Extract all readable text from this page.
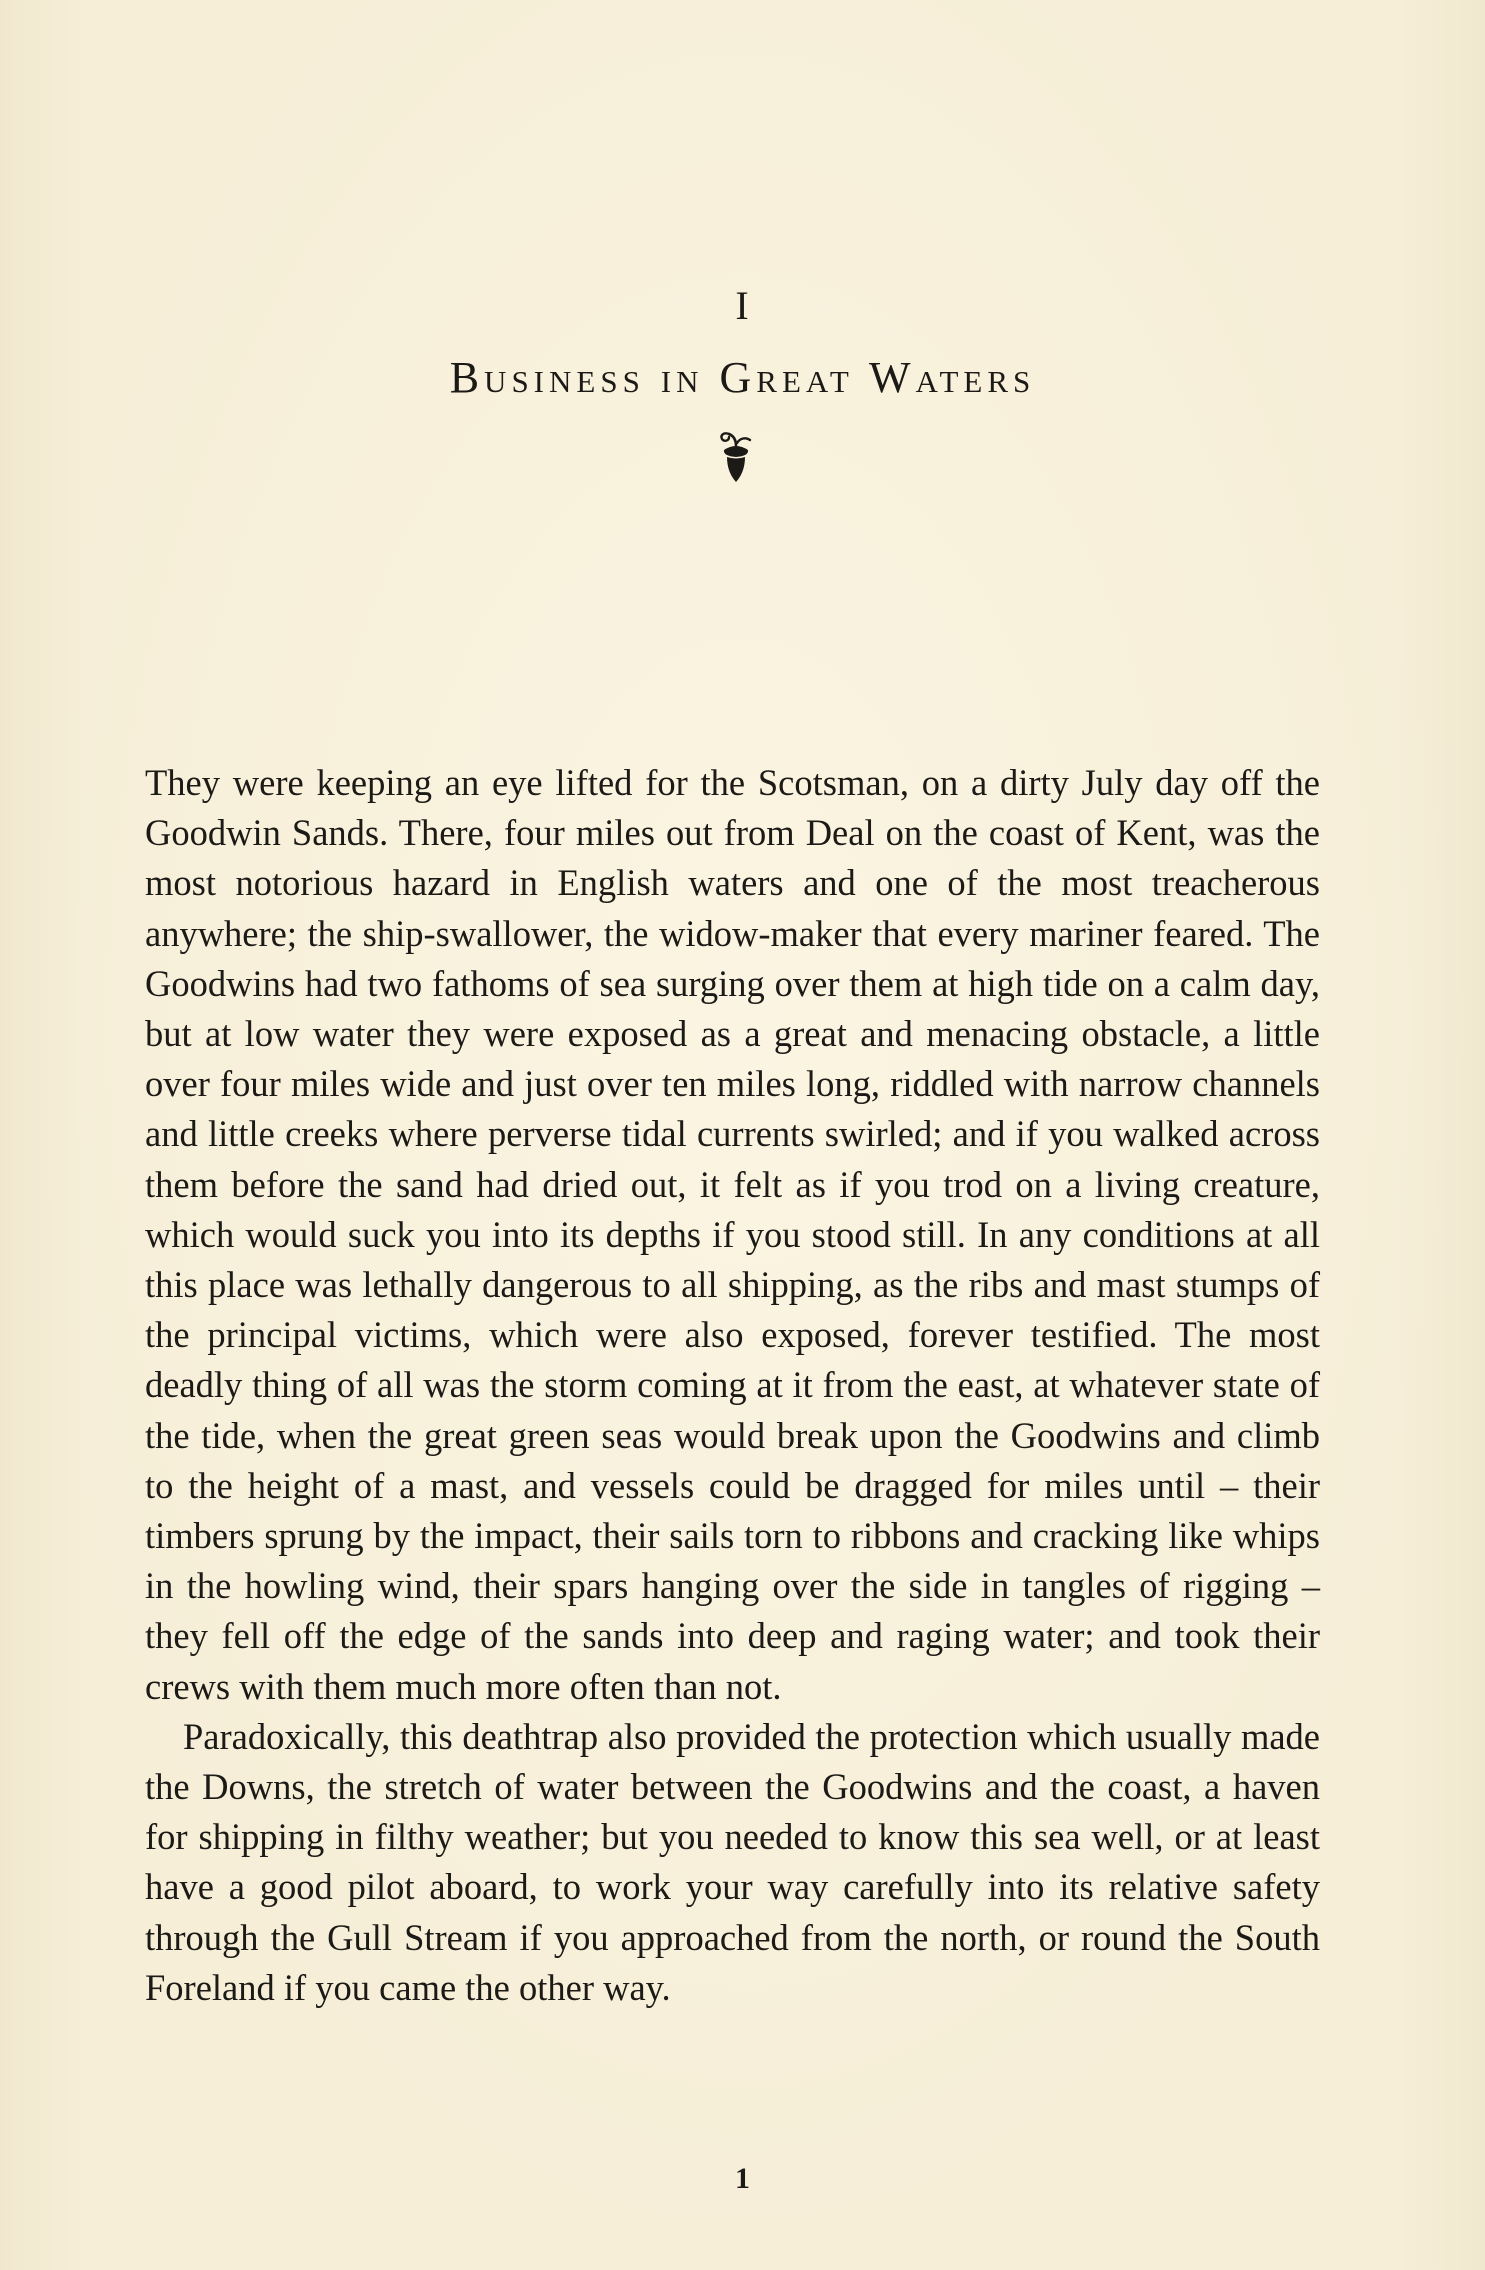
I
Business in Great Waters

They were keeping an eye lifted for the Scotsman, on a dirty July day off the Goodwin Sands. There, four miles out from Deal on the coast of Kent, was the most notorious hazard in English waters and one of the most treacherous anywhere; the ship-swallower, the widow-maker that every mariner feared. The Goodwins had two fathoms of sea surging over them at high tide on a calm day, but at low water they were exposed as a great and menacing obstacle, a little over four miles wide and just over ten miles long, riddled with narrow channels and little creeks where perverse tidal currents swirled; and if you walked across them before the sand had dried out, it felt as if you trod on a living creature, which would suck you into its depths if you stood still. In any conditions at all this place was lethally dangerous to all shipping, as the ribs and mast stumps of the principal victims, which were also exposed, forever testified. The most deadly thing of all was the storm coming at it from the east, at whatever state of the tide, when the great green seas would break upon the Goodwins and climb to the height of a mast, and vessels could be dragged for miles until – their timbers sprung by the impact, their sails torn to ribbons and cracking like whips in the howling wind, their spars hanging over the side in tangles of rigging – they fell off the edge of the sands into deep and raging water; and took their crews with them much more often than not.

Paradoxically, this deathtrap also provided the protection which usually made the Downs, the stretch of water between the Goodwins and the coast, a haven for shipping in filthy weather; but you needed to know this sea well, or at least have a good pilot aboard, to work your way carefully into its relative safety through the Gull Stream if you approached from the north, or round the South Foreland if you came the other way.

1
